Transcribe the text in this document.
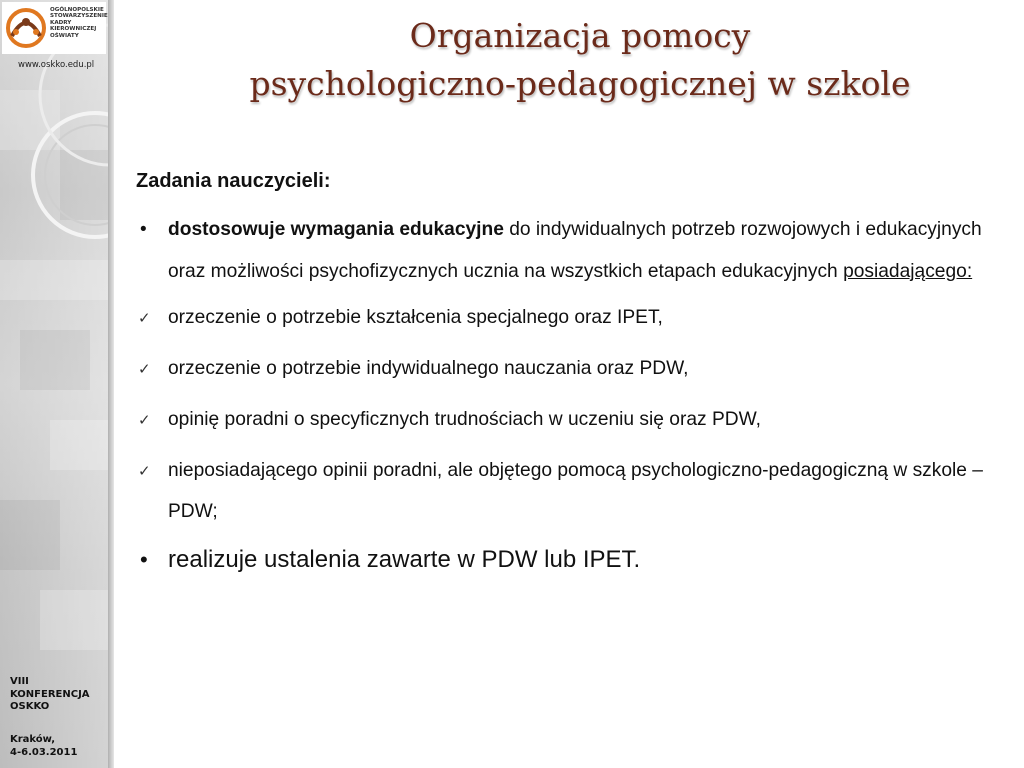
OGÓLNOPOLSKIE
STOWARZYSZENIE
KADRY
KIEROWNICZEJ
OŚWIATY
www.oskko.edu.pl
VIII
KONFERENCJA
OSKKO
Kraków,
4-6.03.2011
Organizacja pomocy
psychologiczno-pedagogicznej w szkole
Zadania nauczycieli:
• dostosowuje wymagania edukacyjne do indywidualnych potrzeb rozwojowych i edukacyjnych oraz możliwości psychofizycznych ucznia na wszystkich etapach edukacyjnych posiadającego:
✓ orzeczenie o potrzebie kształcenia specjalnego oraz IPET,
✓ orzeczenie o potrzebie indywidualnego nauczania oraz PDW,
✓ opinię poradni o specyficznych trudnościach w uczeniu się oraz PDW,
✓ nieposiadającego opinii poradni, ale objętego pomocą psychologiczno-pedagogiczną w szkole – PDW;
• realizuje ustalenia zawarte w PDW lub IPET.
